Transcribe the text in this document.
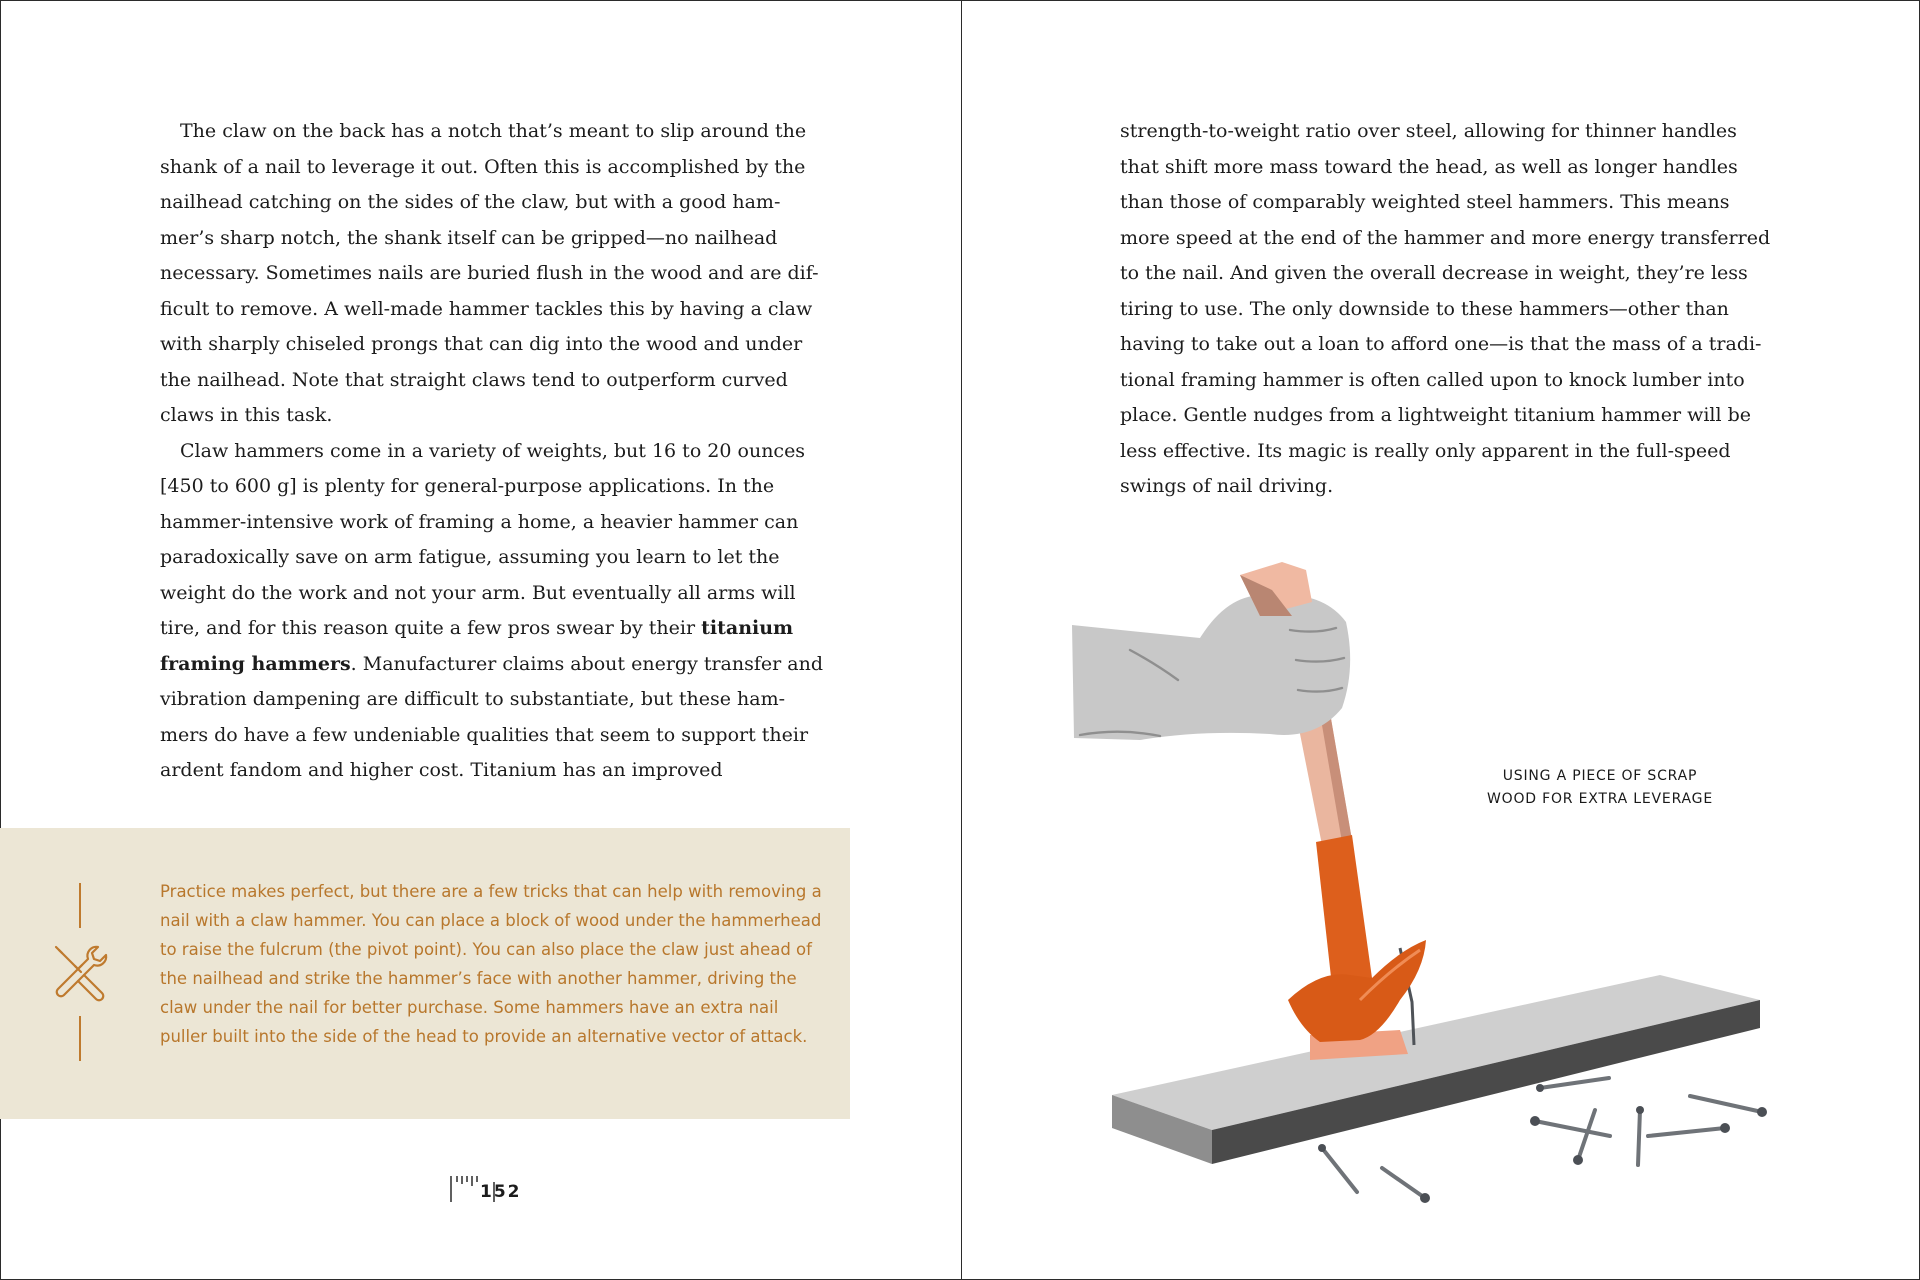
The claw on the back has a notch that’s meant to slip around the
shank of a nail to leverage it out. Often this is accomplished by the
nailhead catching on the sides of the claw, but with a good ham-
mer’s sharp notch, the shank itself can be gripped—no nailhead
necessary. Sometimes nails are buried flush in the wood and are dif-
ficult to remove. A well-made hammer tackles this by having a claw
with sharply chiseled prongs that can dig into the wood and under
the nailhead. Note that straight claws tend to outperform curved
claws in this task.
Claw hammers come in a variety of weights, but 16 to 20 ounces
[450 to 600 g] is plenty for general-purpose applications. In the
hammer-intensive work of framing a home, a heavier hammer can
paradoxically save on arm fatigue, assuming you learn to let the
weight do the work and not your arm. But eventually all arms will
tire, and for this reason quite a few pros swear by their titanium
framing hammers. Manufacturer claims about energy transfer and
vibration dampening are difficult to substantiate, but these ham-
mers do have a few undeniable qualities that seem to support their
ardent fandom and higher cost. Titanium has an improved
Practice makes perfect, but there are a few tricks that can help with removing a nail with a claw hammer. You can place a block of wood under the hammerhead to raise the fulcrum (the pivot point). You can also place the claw just ahead of the nailhead and strike the hammer’s face with another hammer, driving the claw under the nail for better purchase. Some hammers have an extra nail puller built into the side of the head to provide an alternative vector of attack.
152
strength-to-weight ratio over steel, allowing for thinner handles
that shift more mass toward the head, as well as longer handles
than those of comparably weighted steel hammers. This means
more speed at the end of the hammer and more energy transferred
to the nail. And given the overall decrease in weight, they’re less
tiring to use. The only downside to these hammers—other than
having to take out a loan to afford one—is that the mass of a tradi-
tional framing hammer is often called upon to knock lumber into
place. Gentle nudges from a lightweight titanium hammer will be
less effective. Its magic is really only apparent in the full-speed
swings of nail driving.
USING A PIECE OF SCRAP
WOOD FOR EXTRA LEVERAGE
